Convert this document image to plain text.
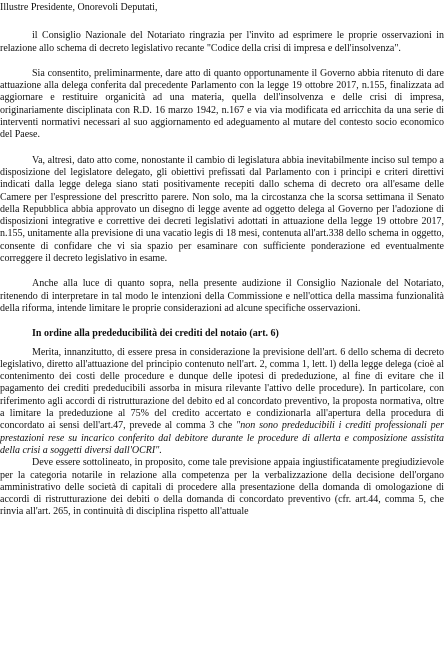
Illustre Presidente, Onorevoli Deputati,

il Consiglio Nazionale del Notariato ringrazia per l'invito ad esprimere le proprie osservazioni in relazione allo schema di decreto legislativo recante "Codice della crisi di impresa e dell'insolvenza".

Sia consentito, preliminarmente, dare atto di quanto opportunamente il Governo abbia ritenuto di dare attuazione alla delega conferita dal precedente Parlamento con la legge 19 ottobre 2017, n.155, finalizzata ad aggiornare e restituire organicità ad una materia, quella dell'insolvenza e delle crisi di impresa, originariamente disciplinata con R.D. 16 marzo 1942, n.167 e via via modificata ed arricchita da una serie di interventi normativi necessari al suo aggiornamento ed adeguamento al mutare del contesto socio economico del Paese.

Va, altresì, dato atto come, nonostante il cambio di legislatura abbia inevitabilmente inciso sul tempo a disposizione del legislatore delegato, gli obiettivi prefissati dal Parlamento con i principi e criteri direttivi indicati dalla legge delega siano stati positivamente recepiti dallo schema di decreto ora all'esame delle Camere per l'espressione del prescritto parere. Non solo, ma la circostanza che la scorsa settimana il Senato della Repubblica abbia approvato un disegno di legge avente ad oggetto delega al Governo per l'adozione di disposizioni integrative e correttive dei decreti legislativi adottati in attuazione della legge 19 ottobre 2017, n.155, unitamente alla previsione di una vacatio legis di 18 mesi, contenuta all'art.338 dello schema in oggetto, consente di confidare che vi sia spazio per esaminare con sufficiente ponderazione ed eventualmente correggere il decreto legislativo in esame.

Anche alla luce di quanto sopra, nella presente audizione il Consiglio Nazionale del Notariato, ritenendo di interpretare in tal modo le intenzioni della Commissione e nell'ottica della massima funzionalità della riforma, intende limitare le proprie considerazioni ad alcune specifiche osservazioni.

In ordine alla prededucibilità dei crediti del notaio (art. 6)

Merita, innanzitutto, di essere presa in considerazione la previsione dell'art. 6 dello schema di decreto legislativo, diretto all'attuazione del principio contenuto nell'art. 2, comma 1, lett. l) della legge delega (cioè al contenimento dei costi delle procedure e dunque delle ipotesi di prededuzione, al fine di evitare che il pagamento dei crediti prededucibili assorba in misura rilevante l'attivo delle procedure). In particolare, con riferimento agli accordi di ristrutturazione del debito ed al concordato preventivo, la proposta normativa, oltre a limitare la prededuzione al 75% del credito accertato e condizionarla all'apertura della procedura di concordato ai sensi dell'art.47, prevede al comma 3 che "non sono prededucibili i crediti professionali per prestazioni rese su incarico conferito dal debitore durante le procedure di allerta e composizione assistita della crisi a soggetti diversi dall'OCRI".

Deve essere sottolineato, in proposito, come tale previsione appaia ingiustificatamente pregiudizievole per la categoria notarile in relazione alla competenza per la verbalizzazione della decisione dell'organo amministrativo delle società di capitali di procedere alla presentazione della domanda di omologazione di accordi di ristrutturazione dei debiti o della domanda di concordato preventivo (cfr. art.44, comma 5, che rinvia all'art. 265, in continuità di disciplina rispetto all'attuale
